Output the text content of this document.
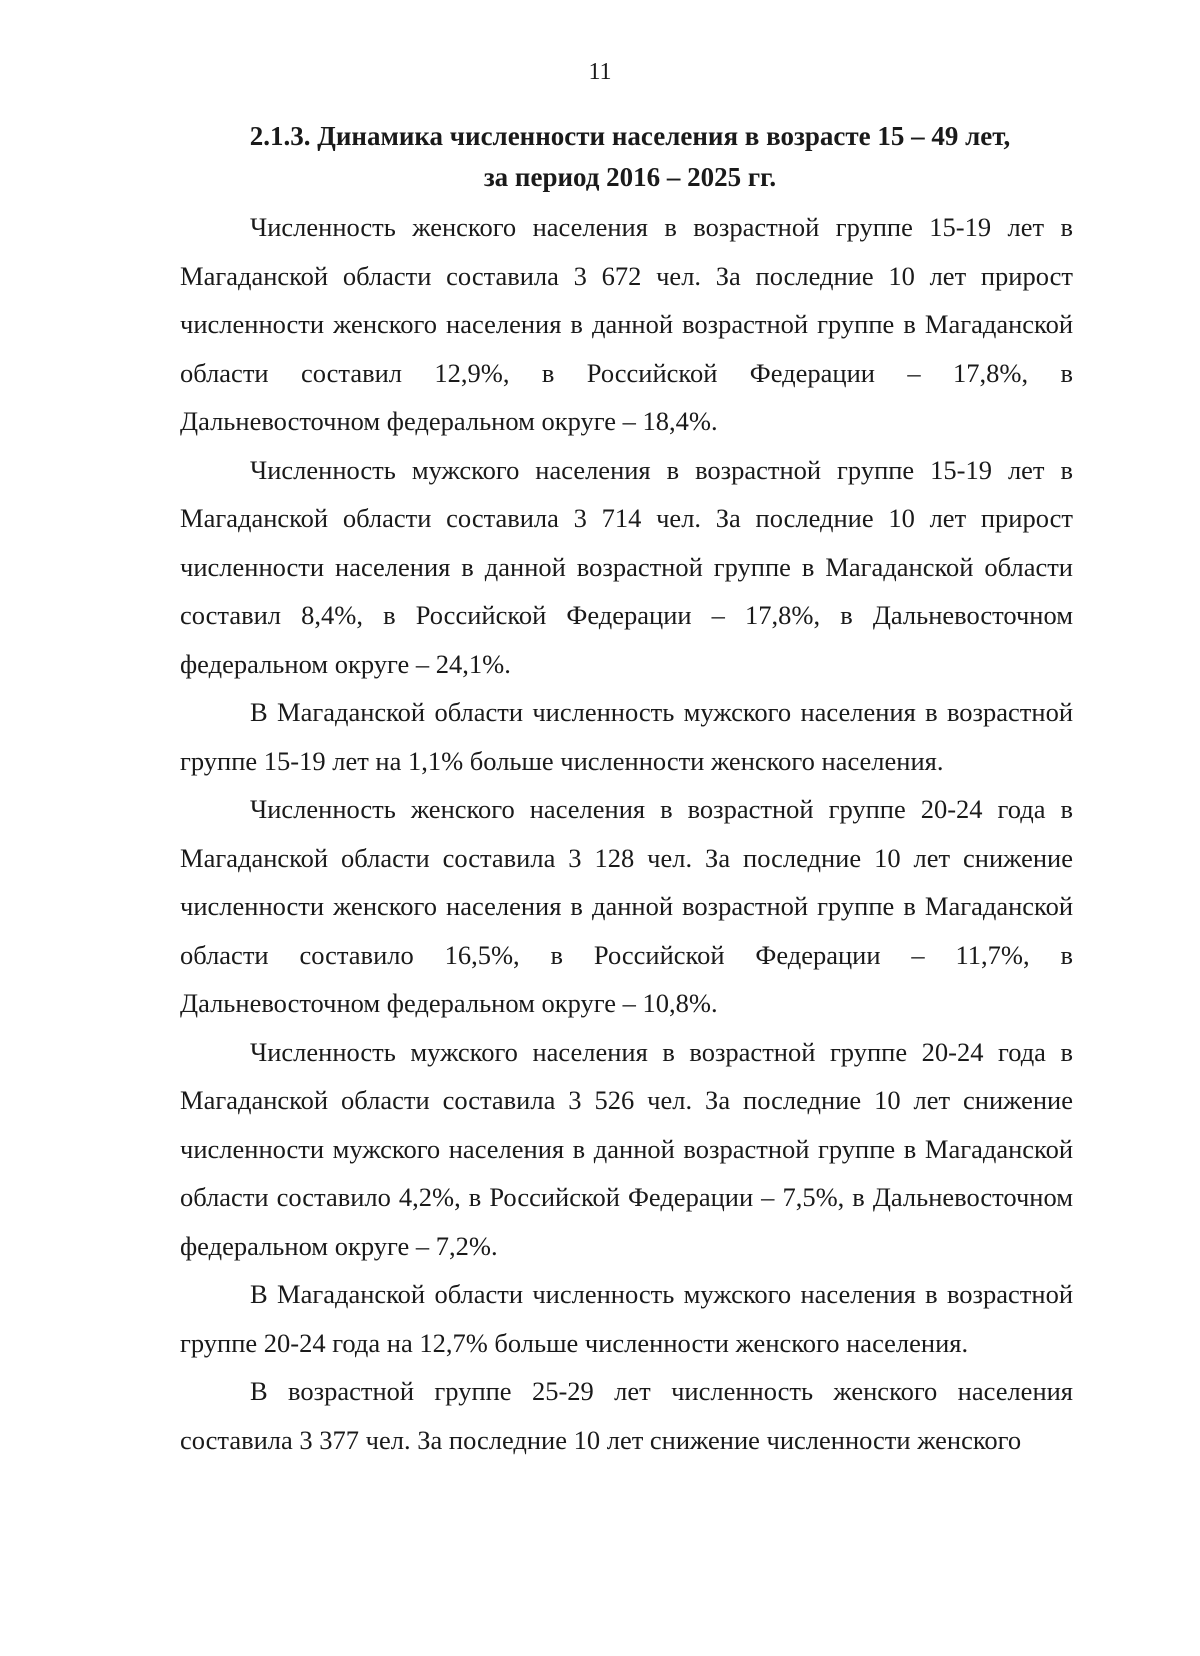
11
2.1.3. Динамика численности населения в возрасте 15 – 49 лет,
за период 2016 – 2025 гг.

Численность женского населения в возрастной группе 15-19 лет в Магаданской области составила 3 672 чел. За последние 10 лет прирост численности женского населения в данной возрастной группе в Магаданской области составил 12,9%, в Российской Федерации – 17,8%, в Дальневосточном федеральном округе – 18,4%.

Численность мужского населения в возрастной группе 15-19 лет в Магаданской области составила 3 714 чел. За последние 10 лет прирост численности населения в данной возрастной группе в Магаданской области составил 8,4%, в Российской Федерации – 17,8%, в Дальневосточном федеральном округе – 24,1%.

В Магаданской области численность мужского населения в возрастной группе 15-19 лет на 1,1% больше численности женского населения.

Численность женского населения в возрастной группе 20-24 года в Магаданской области составила 3 128 чел. За последние 10 лет снижение численности женского населения в данной возрастной группе в Магаданской области составило 16,5%, в Российской Федерации – 11,7%, в Дальневосточном федеральном округе – 10,8%.

Численность мужского населения в возрастной группе 20-24 года в Магаданской области составила 3 526 чел. За последние 10 лет снижение численности мужского населения в данной возрастной группе в Магаданской области составило 4,2%, в Российской Федерации – 7,5%, в Дальневосточном федеральном округе – 7,2%.

В Магаданской области численность мужского населения в возрастной группе 20-24 года на 12,7% больше численности женского населения.

В возрастной группе 25-29 лет численность женского населения составила 3 377 чел. За последние 10 лет снижение численности женского
